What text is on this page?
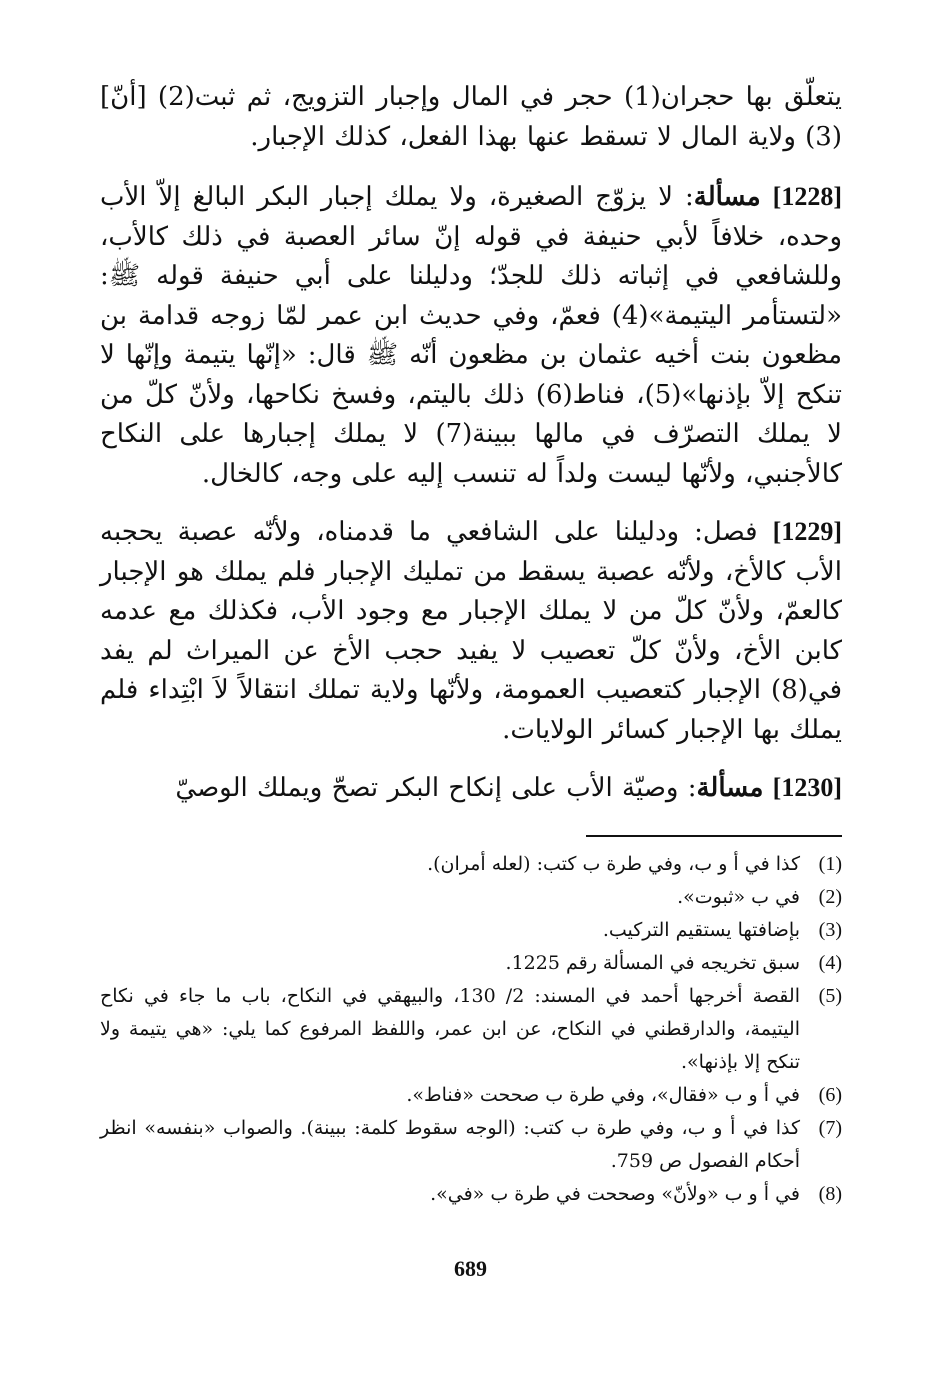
يتعلّق بها حجران(1) حجر في المال وإجبار التزويج، ثم ثبت(2) [أنّ](3) ولاية المال لا تسقط عنها بهذا الفعل، كذلك الإجبار.

[1228] مسألة: لا يزوّج الصغيرة، ولا يملك إجبار البكر البالغ إلاّ الأب وحده، خلافاً لأبي حنيفة في قوله إنّ سائر العصبة في ذلك كالأب، وللشافعي في إثباته ذلك للجدّ؛ ودليلنا على أبي حنيفة قوله ﷺ: «لتستأمر اليتيمة»(4) فعمّ، وفي حديث ابن عمر لمّا زوجه قدامة بن مظعون بنت أخيه عثمان بن مظعون أنّه ﷺ قال: «إنّها يتيمة وإنّها لا تنكح إلاّ بإذنها»(5)، فناط(6) ذلك باليتم، وفسخ نكاحها، ولأنّ كلّ من لا يملك التصرّف في مالها ببينة(7) لا يملك إجبارها على النكاح كالأجنبي، ولأنّها ليست ولداً له تنسب إليه على وجه، كالخال.

[1229] فصل: ودليلنا على الشافعي ما قدمناه، ولأنّه عصبة يحجبه الأب كالأخ، ولأنّه عصبة يسقط من تمليك الإجبار فلم يملك هو الإجبار كالعمّ، ولأنّ كلّ من لا يملك الإجبار مع وجود الأب، فكذلك مع عدمه كابن الأخ، ولأنّ كلّ تعصيب لا يفيد حجب الأخ عن الميراث لم يفد في(8) الإجبار كتعصيب العمومة، ولأنّها ولاية تملك انتقالاً لاَ ابْتِداء فلم يملك بها الإجبار كسائر الولايات.

[1230] مسألة: وصيّة الأب على إنكاح البكر تصحّ ويملك الوصيّ

(1)
كذا في أ و ب، وفي طرة ب كتب: (لعله أمران).
(2)
في ب «ثبوت».
(3)
بإضافتها يستقيم التركيب.
(4)
سبق تخريجه في المسألة رقم 1225.
(5)
القصة أخرجها أحمد في المسند: 2/ 130، والبيهقي في النكاح، باب ما جاء في نكاح اليتيمة، والدارقطني في النكاح، عن ابن عمر، واللفظ المرفوع كما يلي: «هي يتيمة ولا تنكح إلا بإذنها».
(6)
في أ و ب «فقال»، وفي طرة ب صححت «فناط».
(7)
كذا في أ و ب، وفي طرة ب كتب: (الوجه سقوط كلمة: ببينة). والصواب «بنفسه» انظر أحكام الفصول ص 759.
(8)
في أ و ب «ولأنّ» وصححت في طرة ب «في».
689
